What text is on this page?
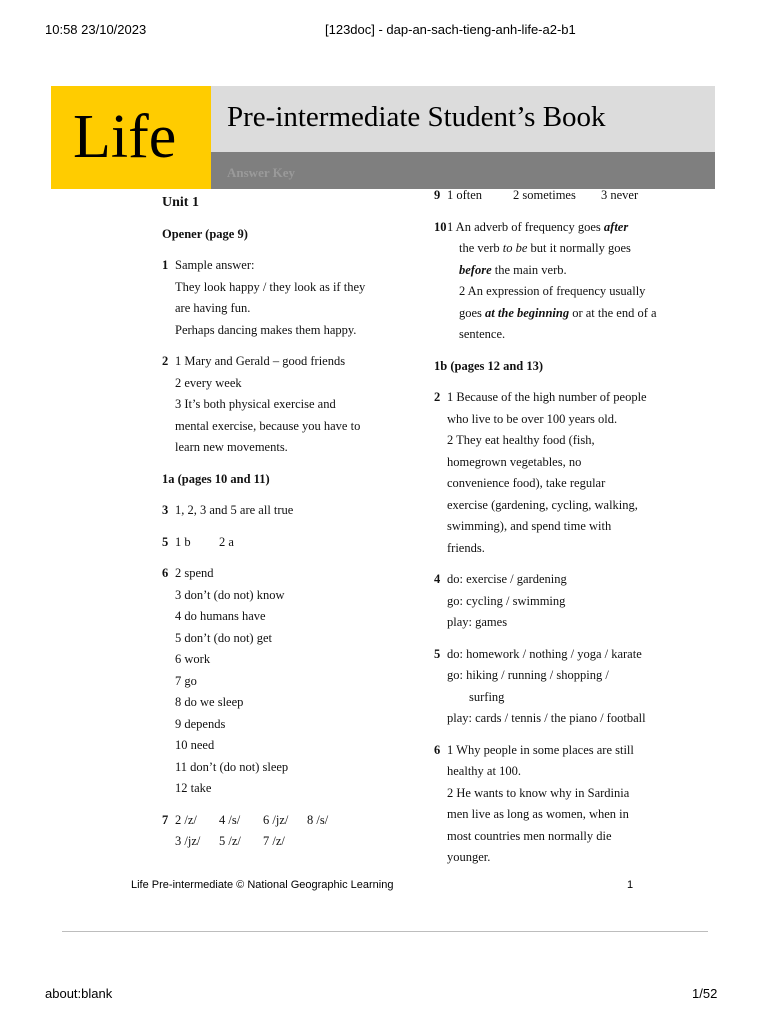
10:58 23/10/2023	[123doc] - dap-an-sach-tieng-anh-life-a2-b1
Life Pre-intermediate Student’s Book
Answer Key
Unit 1
Opener (page 9)
1 Sample answer:
They look happy / they look as if they
are having fun.
Perhaps dancing makes them happy.
2 1 Mary and Gerald – good friends
2 every week
3 It’s both physical exercise and
mental exercise, because you have to
learn new movements.
1a (pages 10 and 11)
3 1, 2, 3 and 5 are all true
5 1 b 2 a
6 2 spend
3 don’t (do not) know
4 do humans have
5 don’t (do not) get
6 work
7 go
8 do we sleep
9 depends
10 need
11 don’t (do not) sleep
12 take
7 2 /z/ 4 /s/ 6 /jz/ 8 /s/
3 /jz/ 5 /z/ 7 /z/
9 1 often 2 sometimes 3 never
10 1 An adverb of frequency goes after
the verb to be but it normally goes
before the main verb.
2 An expression of frequency usually
goes at the beginning or at the end of a
sentence.
1b (pages 12 and 13)
2 1 Because of the high number of people
who live to be over 100 years old.
2 They eat healthy food (fish,
homegrown vegetables, no
convenience food), take regular
exercise (gardening, cycling, walking,
swimming), and spend time with
friends.
4 do: exercise / gardening
go: cycling / swimming
play: games
5 do: homework / nothing / yoga / karate
go: hiking / running / shopping /
surfing
play: cards / tennis / the piano / football
6 1 Why people in some places are still
healthy at 100.
2 He wants to know why in Sardinia
men live as long as women, when in
most countries men normally die
younger.
Life Pre-intermediate © National Geographic Learning	1
about:blank	1/52
